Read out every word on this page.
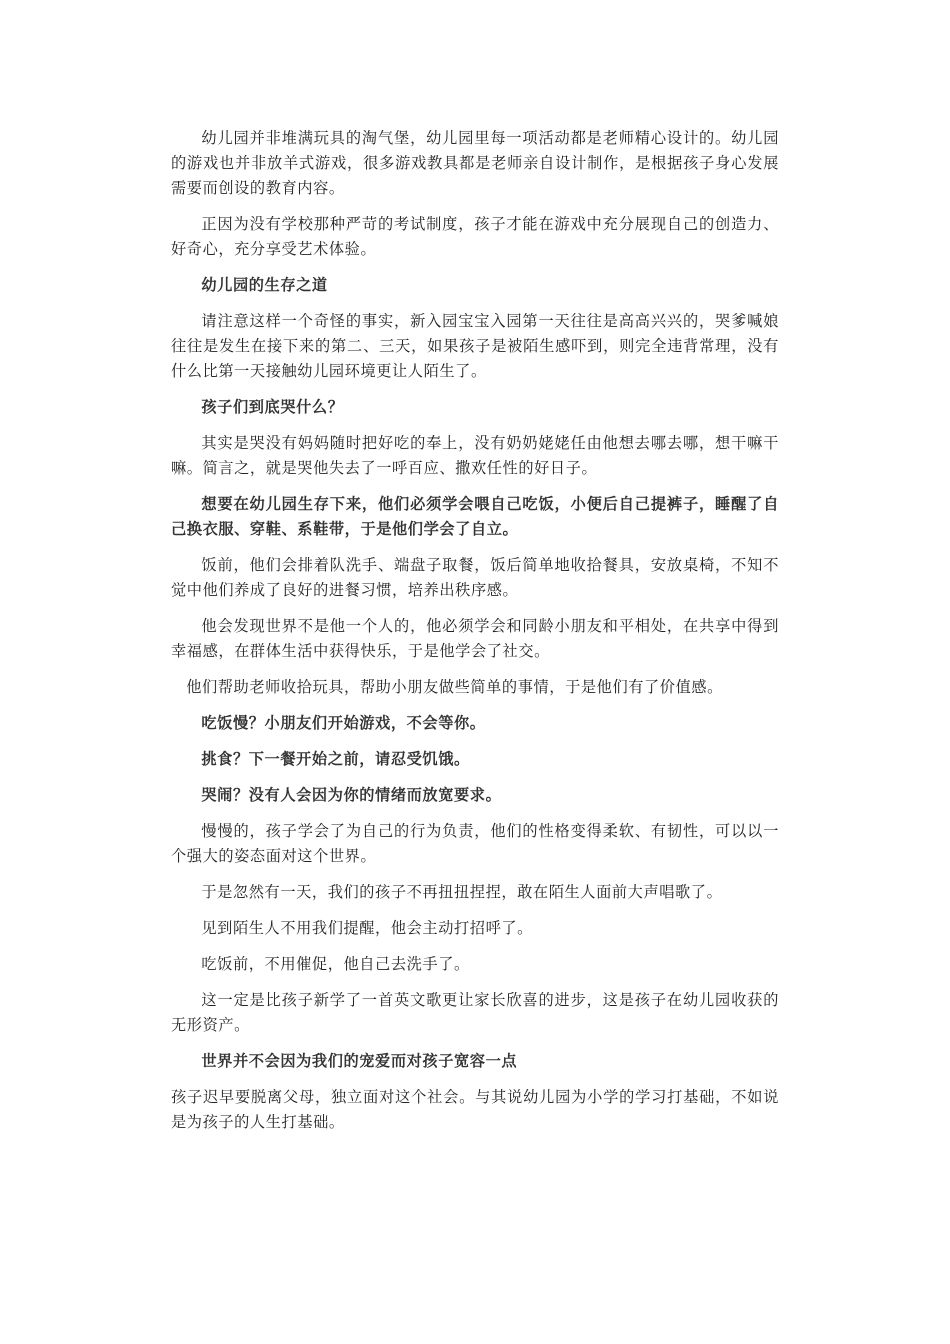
幼儿园并非堆满玩具的淘气堡，幼儿园里每一项活动都是老师精心设计的。幼儿园的游戏也并非放羊式游戏，很多游戏教具都是老师亲自设计制作，是根据孩子身心发展需要而创设的教育内容。

正因为没有学校那种严苛的考试制度，孩子才能在游戏中充分展现自己的创造力、好奇心，充分享受艺术体验。

幼儿园的生存之道

请注意这样一个奇怪的事实，新入园宝宝入园第一天往往是高高兴兴的，哭爹喊娘往往是发生在接下来的第二、三天，如果孩子是被陌生感吓到，则完全违背常理，没有什么比第一天接触幼儿园环境更让人陌生了。

孩子们到底哭什么？

其实是哭没有妈妈随时把好吃的奉上，没有奶奶姥姥任由他想去哪去哪，想干嘛干嘛。简言之，就是哭他失去了一呼百应、撒欢任性的好日子。

想要在幼儿园生存下来，他们必须学会喂自己吃饭，小便后自己提裤子，睡醒了自己换衣服、穿鞋、系鞋带，于是他们学会了自立。

饭前，他们会排着队洗手、端盘子取餐，饭后简单地收拾餐具，安放桌椅，不知不觉中他们养成了良好的进餐习惯，培养出秩序感。

他会发现世界不是他一个人的，他必须学会和同龄小朋友和平相处，在共享中得到幸福感，在群体生活中获得快乐，于是他学会了社交。

他们帮助老师收拾玩具，帮助小朋友做些简单的事情，于是他们有了价值感。

吃饭慢？小朋友们开始游戏，不会等你。

挑食？下一餐开始之前，请忍受饥饿。

哭闹？没有人会因为你的情绪而放宽要求。

慢慢的，孩子学会了为自己的行为负责，他们的性格变得柔软、有韧性，可以以一个强大的姿态面对这个世界。

于是忽然有一天，我们的孩子不再扭扭捏捏，敢在陌生人面前大声唱歌了。

见到陌生人不用我们提醒，他会主动打招呼了。

吃饭前，不用催促，他自己去洗手了。

这一定是比孩子新学了一首英文歌更让家长欣喜的进步，这是孩子在幼儿园收获的无形资产。

世界并不会因为我们的宠爱而对孩子宽容一点

孩子迟早要脱离父母，独立面对这个社会。与其说幼儿园为小学的学习打基础，不如说是为孩子的人生打基础。
